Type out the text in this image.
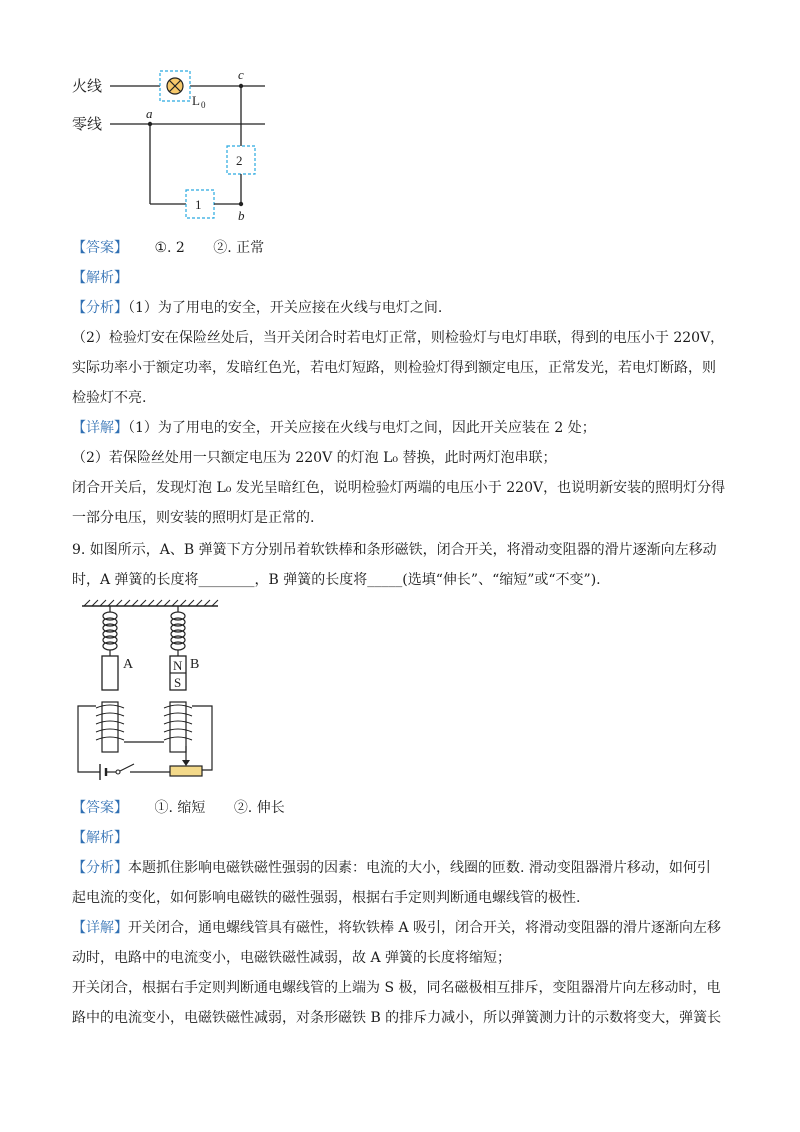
火线
零线
c
a
b
L 0
2
1
【答案】 ①. 2 ②. 正常
【解析】
【分析】（1）为了用电的安全，开关应接在火线与电灯之间.
（2）检验灯安在保险丝处后，当开关闭合时若电灯正常，则检验灯与电灯串联，得到的电压小于 220V，
实际功率小于额定功率，发暗红色光，若电灯短路，则检验灯得到额定电压，正常发光，若电灯断路，则
检验灯不亮.
【详解】（1）为了用电的安全，开关应接在火线与电灯之间，因此开关应装在 2 处；
（2）若保险丝处用一只额定电压为 220V 的灯泡 L₀ 替换，此时两灯泡串联；
闭合开关后，发现灯泡 L₀ 发光呈暗红色，说明检验灯两端的电压小于 220V，也说明新安装的照明灯分得
一部分电压，则安装的照明灯是正常的.
9. 如图所示，A、B 弹簧下方分别吊着软铁棒和条形磁铁，闭合开关，将滑动变阻器的滑片逐渐向左移动
时，A 弹簧的长度将________，B 弹簧的长度将_____(选填“伸长”、“缩短”或“不变”).
A	N
S
B
【答案】 ①. 缩短 ②. 伸长
【解析】
【分析】本题抓住影响电磁铁磁性强弱的因素：电流的大小，线圈的匝数. 滑动变阻器滑片移动，如何引
起电流的变化，如何影响电磁铁的磁性强弱，根据右手定则判断通电螺线管的极性.
【详解】开关闭合，通电螺线管具有磁性，将软铁棒 A 吸引，闭合开关，将滑动变阻器的滑片逐渐向左移
动时，电路中的电流变小，电磁铁磁性减弱，故 A 弹簧的长度将缩短；
开关闭合，根据右手定则判断通电螺线管的上端为 S 极，同名磁极相互排斥，变阻器滑片向左移动时，电
路中的电流变小，电磁铁磁性减弱，对条形磁铁 B 的排斥力减小，所以弹簧测力计的示数将变大，弹簧长
